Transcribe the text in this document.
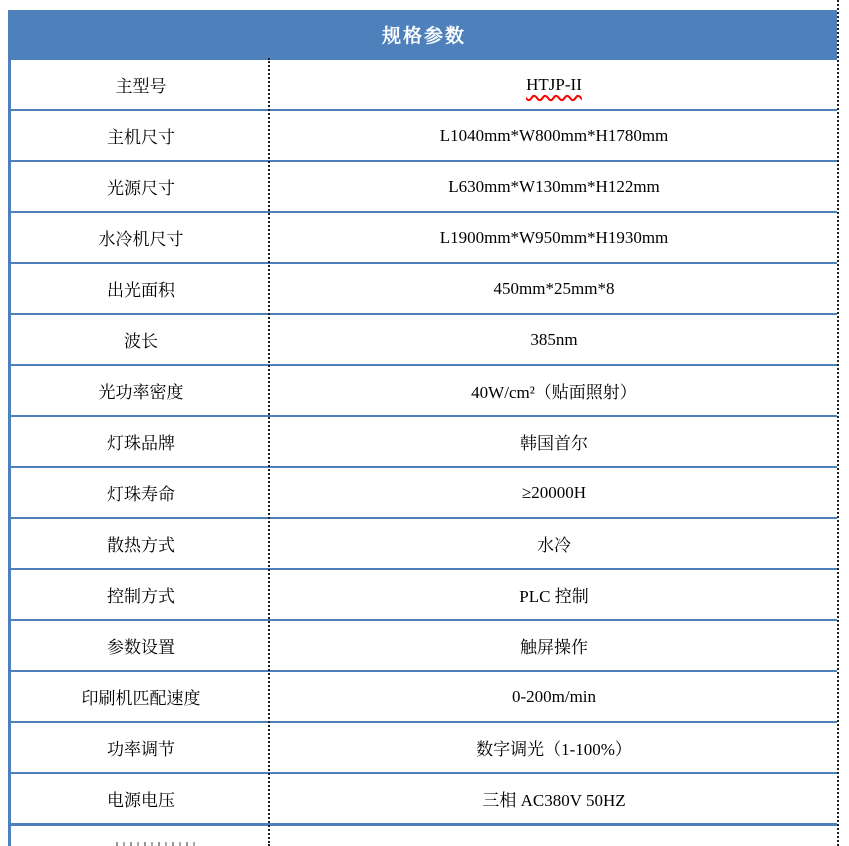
规格参数
主型号	HTJP-II
主机尺寸	L1040mm*W800mm*H1780mm
光源尺寸	L630mm*W130mm*H122mm
水冷机尺寸	L1900mm*W950mm*H1930mm
出光面积	450mm*25mm*8
波长	385nm
光功率密度	40W/cm²（贴面照射）
灯珠品牌	韩国首尔
灯珠寿命	≥20000H
散热方式	水冷
控制方式	PLC 控制
参数设置	触屏操作
印刷机匹配速度	0-200m/min
功率调节	数字调光（1-100%）
电源电压	三相 AC380V 50HZ
